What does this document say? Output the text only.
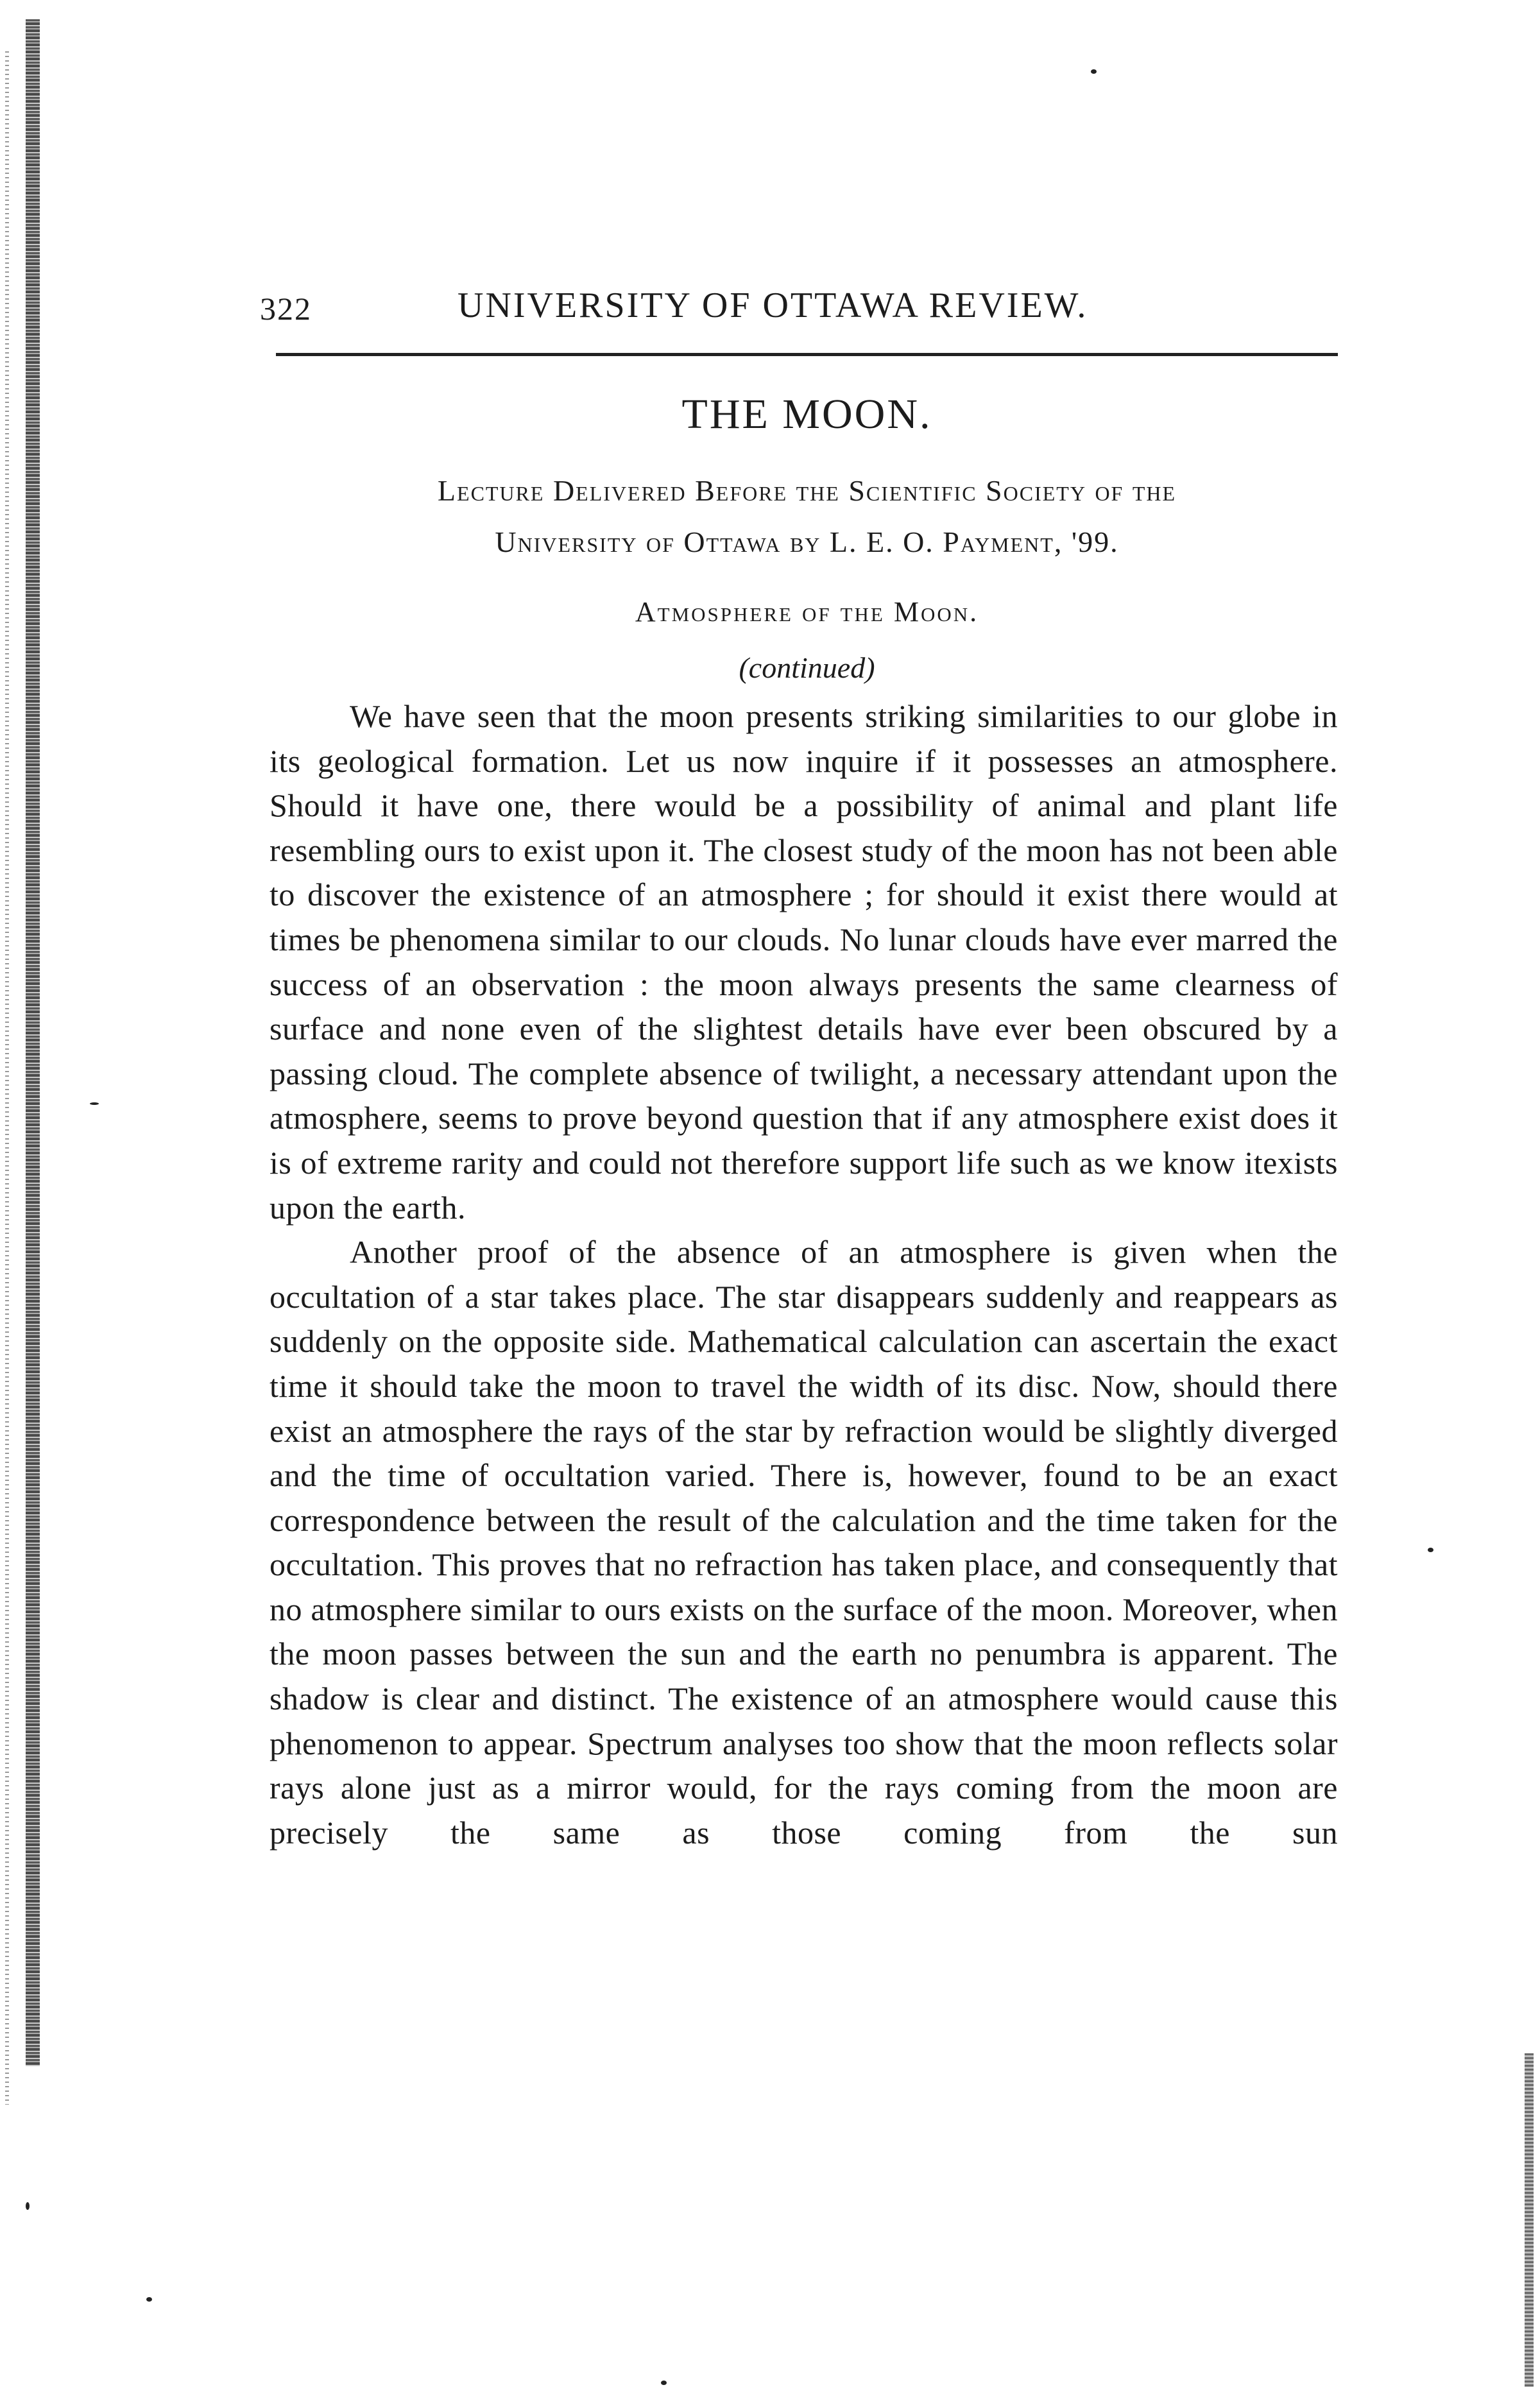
322	UNIVERSITY OF OTTAWA REVIEW.
THE MOON.
Lecture Delivered Before the Scientific Society of the
University of Ottawa by L. E. O. Payment, '99.
Atmosphere of the Moon.
(continued)

We have seen that the moon presents striking similarities to our globe in its geological formation. Let us now inquire if it possesses an atmosphere. Should it have one, there would be a possibility of animal and plant life resembling ours to exist upon it. The closest study of the moon has not been able to discover the existence of an atmosphere ; for should it exist there would at times be phenomena similar to our clouds. No lunar clouds have ever marred the success of an observation : the moon always presents the same clearness of surface and none even of the slightest details have ever been obscured by a passing cloud. The complete absence of twilight, a necessary attendant upon the atmosphere, seems to prove beyond question that if any atmosphere exist does it is of extreme rarity and could not therefore support life such as we know itexists upon the earth.

Another proof of the absence of an atmosphere is given when the occultation of a star takes place. The star disappears suddenly and reappears as suddenly on the opposite side. Mathematical calculation can ascertain the exact time it should take the moon to travel the width of its disc. Now, should there exist an atmosphere the rays of the star by refraction would be slightly diverged and the time of occultation varied. There is, however, found to be an exact correspondence between the result of the calculation and the time taken for the occultation. This proves that no refraction has taken place, and consequently that no atmosphere similar to ours exists on the surface of the moon. Moreover, when the moon passes between the sun and the earth no penumbra is apparent. The shadow is clear and distinct. The existence of an atmosphere would cause this phenomenon to appear. Spectrum analyses too show that the moon reflects solar rays alone just as a mirror would, for the rays coming from the moon are precisely the same as those coming from the sun
